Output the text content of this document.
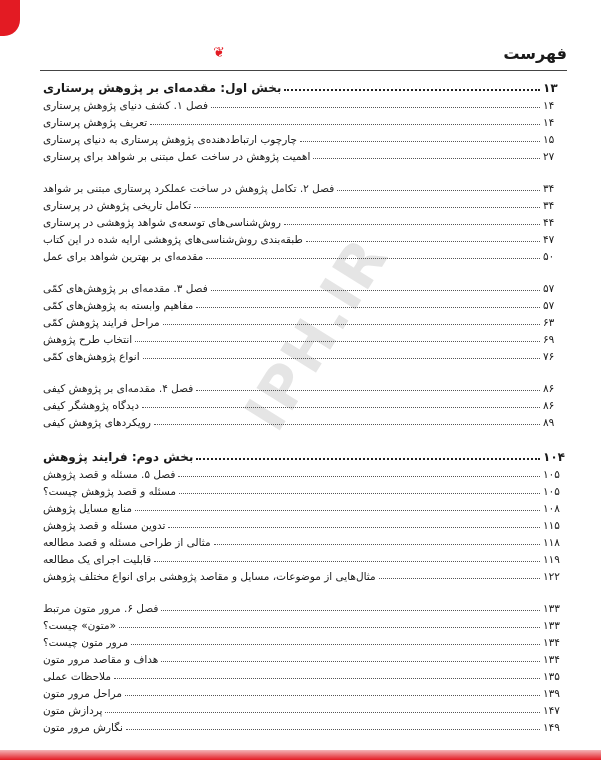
❦
IPH.IR
فهرست
بخش اول: مقدمه‌ای بر پژوهش پرستاری	۱۳
فصل ۱. کشف دنیای پژوهش پرستاری	۱۴
تعریف پژوهش پرستاری	۱۴
چارچوب ارتباط‌دهنده‌ی پژوهش پرستاری به دنیای پرستاری	۱۵
اهمیت پژوهش در ساخت عمل مبتنی بر شواهد برای پرستاری	۲۷
فصل ۲. تکامل پژوهش در ساخت عملکرد پرستاری مبتنی بر شواهد	۳۴
تکامل تاریخی پژوهش در پرستاری	۳۴
روش‌شناسی‌های توسعه‌ی شواهد پژوهشی در پرستاری	۴۴
طبقه‌بندی روش‌شناسی‌های پژوهشی ارایه شده در این کتاب	۴۷
مقدمه‌ای بر بهترین شواهد برای عمل	۵۰
فصل ۳. مقدمه‌ای بر پژوهش‌های کمّی	۵۷
مفاهیم وابسته به پژوهش‌های کمّی	۵۷
مراحل فرایند پژوهش کمّی	۶۳
انتخاب طرح پژوهش	۶۹
انواع پژوهش‌های کمّی	۷۶
فصل ۴. مقدمه‌ای بر پژوهش کیفی	۸۶
دیدگاه پژوهشگر کیفی	۸۶
رویکردهای پژوهش کیفی	۸۹
بخش دوم: فرایند پژوهش	۱۰۴
فصل ۵. مسئله و قصد پژوهش	۱۰۵
مسئله و قصد پژوهش چیست؟	۱۰۵
منابع مسایل پژوهش	۱۰۸
تدوین مسئله و قصد پژوهش	۱۱۵
مثالی از طراحی مسئله و قصد مطالعه	۱۱۸
قابلیت اجرای یک مطالعه	۱۱۹
مثال‌هایی از موضوعات، مسایل و مقاصد پژوهشی برای انواع مختلف پژوهش	۱۲۲
فصل ۶. مرور متون مرتبط	۱۳۳
«متون» چیست؟	۱۳۳
مرور متون چیست؟	۱۳۴
هداف و مقاصد مرور متون	۱۳۴
ملاحظات عملی	۱۳۵
مراحل مرور متون	۱۳۹
پردازش متون	۱۴۷
نگارش مرور متون	۱۴۹
